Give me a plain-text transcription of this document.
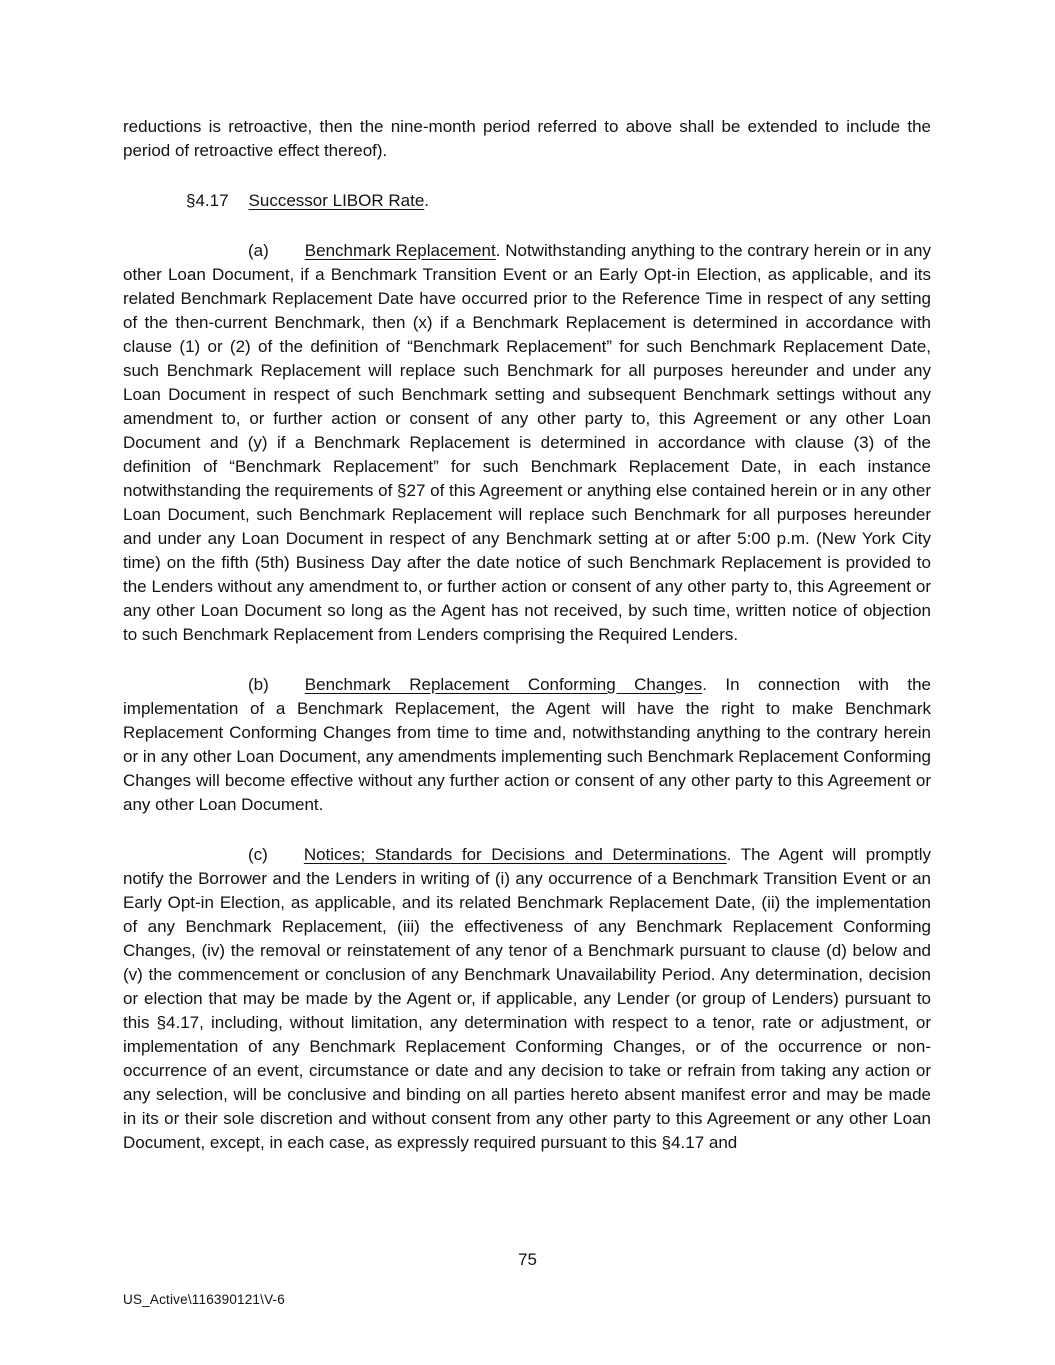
reductions is retroactive, then the nine-month period referred to above shall be extended to include the period of retroactive effect thereof).

§4.17 Successor LIBOR Rate.

(a) Benchmark Replacement. Notwithstanding anything to the contrary herein or in any other Loan Document, if a Benchmark Transition Event or an Early Opt-in Election, as applicable, and its related Benchmark Replacement Date have occurred prior to the Reference Time in respect of any setting of the then-current Benchmark, then (x) if a Benchmark Replacement is determined in accordance with clause (1) or (2) of the definition of “Benchmark Replacement” for such Benchmark Replacement Date, such Benchmark Replacement will replace such Benchmark for all purposes hereunder and under any Loan Document in respect of such Benchmark setting and subsequent Benchmark settings without any amendment to, or further action or consent of any other party to, this Agreement or any other Loan Document and (y) if a Benchmark Replacement is determined in accordance with clause (3) of the definition of “Benchmark Replacement” for such Benchmark Replacement Date, in each instance notwithstanding the requirements of §27 of this Agreement or anything else contained herein or in any other Loan Document, such Benchmark Replacement will replace such Benchmark for all purposes hereunder and under any Loan Document in respect of any Benchmark setting at or after 5:00 p.m. (New York City time) on the fifth (5th) Business Day after the date notice of such Benchmark Replacement is provided to the Lenders without any amendment to, or further action or consent of any other party to, this Agreement or any other Loan Document so long as the Agent has not received, by such time, written notice of objection to such Benchmark Replacement from Lenders comprising the Required Lenders.

(b) Benchmark Replacement Conforming Changes. In connection with the implementation of a Benchmark Replacement, the Agent will have the right to make Benchmark Replacement Conforming Changes from time to time and, notwithstanding anything to the contrary herein or in any other Loan Document, any amendments implementing such Benchmark Replacement Conforming Changes will become effective without any further action or consent of any other party to this Agreement or any other Loan Document.

(c) Notices; Standards for Decisions and Determinations. The Agent will promptly notify the Borrower and the Lenders in writing of (i) any occurrence of a Benchmark Transition Event or an Early Opt-in Election, as applicable, and its related Benchmark Replacement Date, (ii) the implementation of any Benchmark Replacement, (iii) the effectiveness of any Benchmark Replacement Conforming Changes, (iv) the removal or reinstatement of any tenor of a Benchmark pursuant to clause (d) below and (v) the commencement or conclusion of any Benchmark Unavailability Period. Any determination, decision or election that may be made by the Agent or, if applicable, any Lender (or group of Lenders) pursuant to this §4.17, including, without limitation, any determination with respect to a tenor, rate or adjustment, or implementation of any Benchmark Replacement Conforming Changes, or of the occurrence or non-occurrence of an event, circumstance or date and any decision to take or refrain from taking any action or any selection, will be conclusive and binding on all parties hereto absent manifest error and may be made in its or their sole discretion and without consent from any other party to this Agreement or any other Loan Document, except, in each case, as expressly required pursuant to this §4.17 and

75
US_Active\116390121\V-6
